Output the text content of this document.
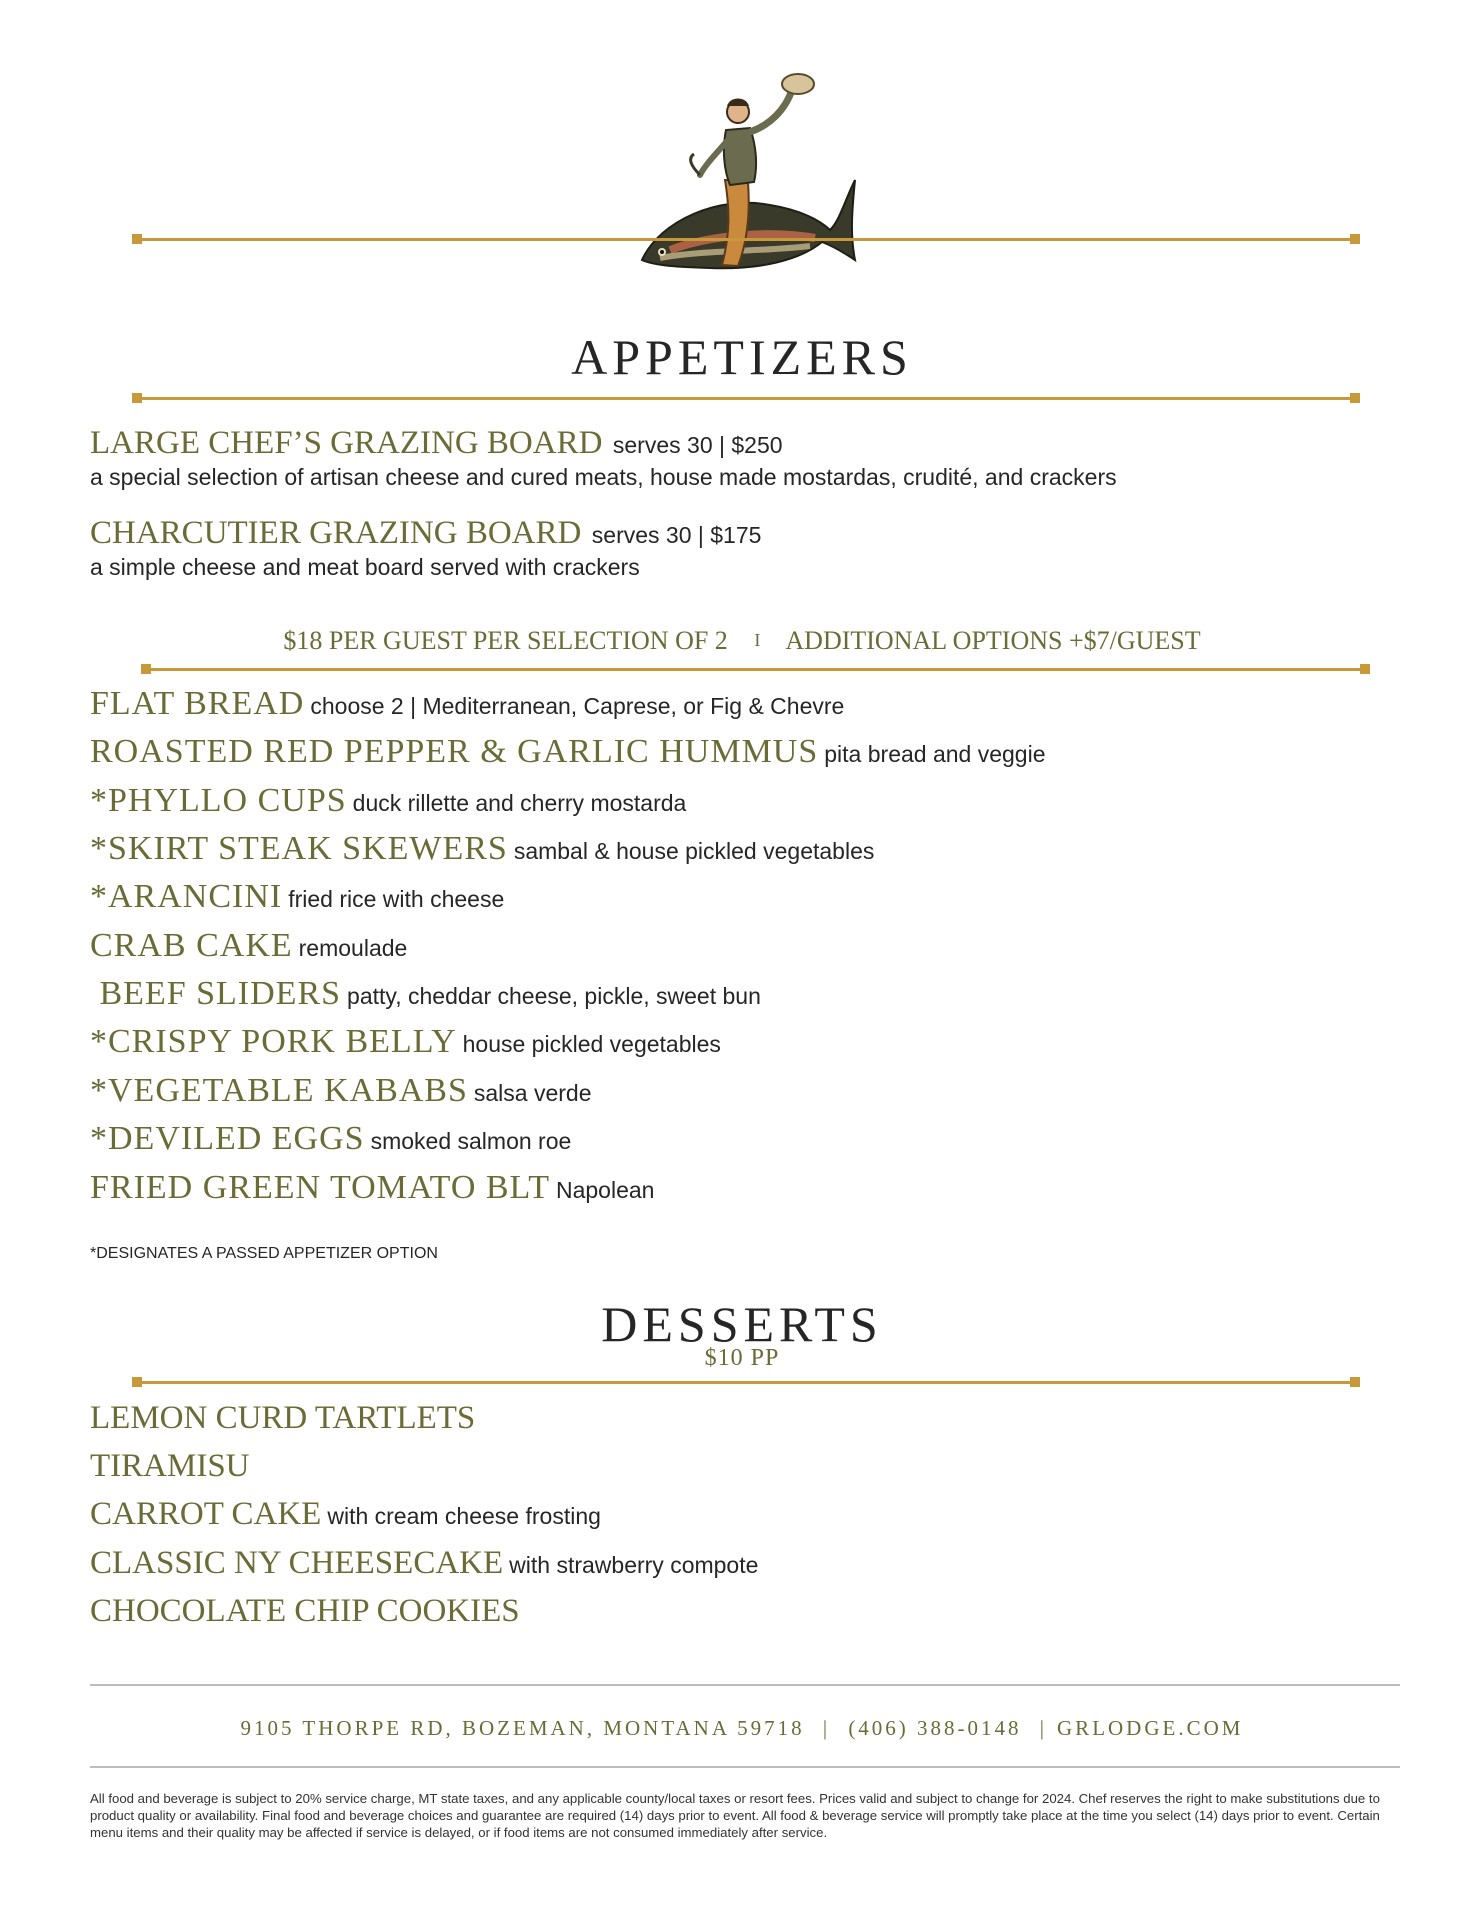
APPETIZERS
LARGE CHEF’S GRAZING BOARD serves 30 | $250
a special selection of artisan cheese and cured meats, house made mostardas, crudité, and crackers
CHARCUTIER GRAZING BOARD serves 30 | $175
a simple cheese and meat board served with crackers
$18 PER GUEST PER SELECTION OF 2 I ADDITIONAL OPTIONS +$7/GUEST
FLAT BREAD choose 2 | Mediterranean, Caprese, or Fig & Chevre
ROASTED RED PEPPER & GARLIC HUMMUS pita bread and veggie
*PHYLLO CUPS duck rillette and cherry mostarda
*SKIRT STEAK SKEWERS sambal & house pickled vegetables
*ARANCINI fried rice with cheese
CRAB CAKE remoulade
BEEF SLIDERS patty, cheddar cheese, pickle, sweet bun
*CRISPY PORK BELLY house pickled vegetables
*VEGETABLE KABABS salsa verde
*DEVILED EGGS smoked salmon roe
FRIED GREEN TOMATO BLT Napolean
*DESIGNATES A PASSED APPETIZER OPTION
DESSERTS
$10 PP
LEMON CURD TARTLETS
TIRAMISU
CARROT CAKE with cream cheese frosting
CLASSIC NY CHEESECAKE with strawberry compote
CHOCOLATE CHIP COOKIES
9105 THORPE RD, BOZEMAN, MONTANA 59718 | (406) 388-0148 | GRLODGE.COM
All food and beverage is subject to 20% service charge, MT state taxes, and any applicable county/local taxes or resort fees. Prices valid and subject to change for 2024. Chef reserves the right to make substitutions due to product quality or availability. Final food and beverage choices and guarantee are required (14) days prior to event. All food & beverage service will promptly take place at the time you select (14) days prior to event. Certain menu items and their quality may be affected if service is delayed, or if food items are not consumed immediately after service.
